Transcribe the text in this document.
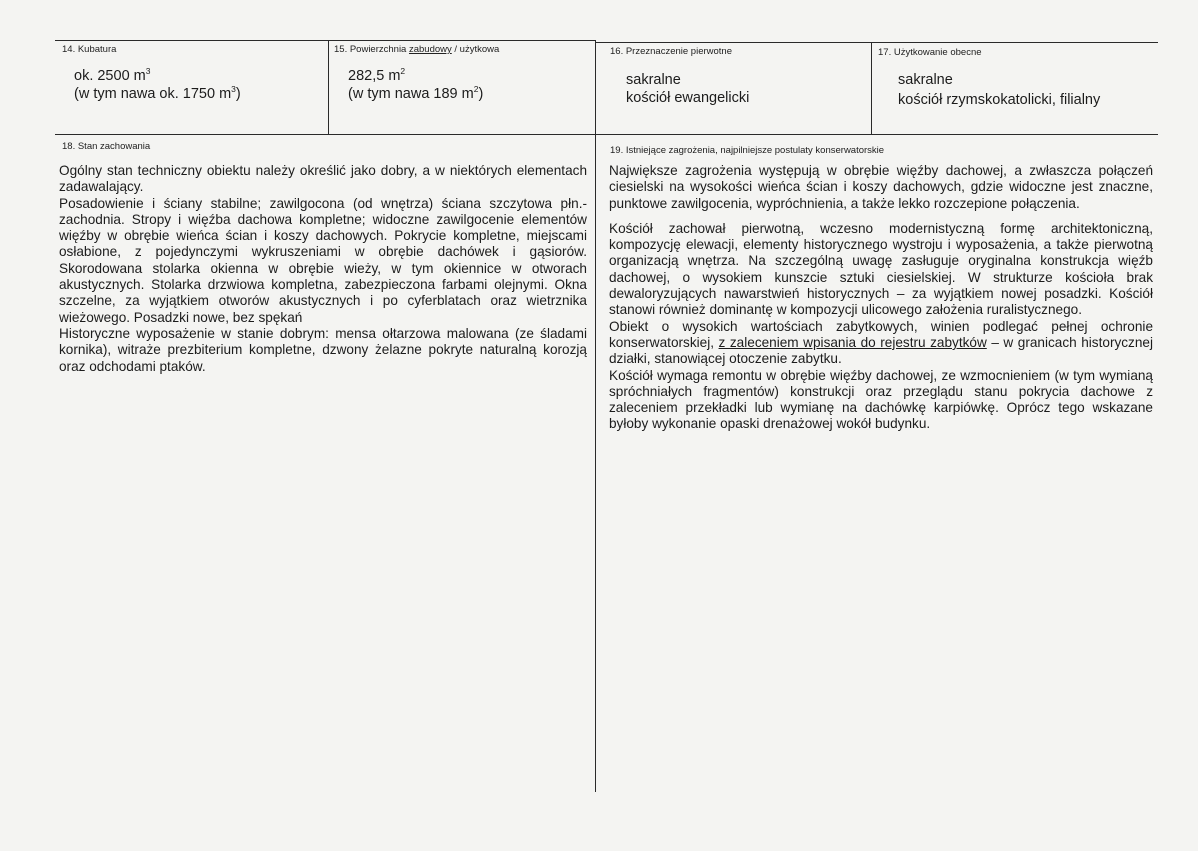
14. Kubatura
ok. 2500 $m^3$
(w tym nawa ok. 1750 $m^3$)
15. Powierzchnia zabudowy / użytkowa
282,5 $m^2$
(w tym nawa 189 $m^2$)
16. Przeznaczenie pierwotne
sakralne
kościół ewangelicki
17. Użytkowanie obecne
sakralne
kościół rzymskokatolicki, filialny
18. Stan zachowania

Ogólny stan techniczny obiektu należy określić jako dobry, a w niektórych elementach zadawalający.

Posadowienie i ściany stabilne; zawilgocona (od wnętrza) ściana szczytowa płn.-zachodnia. Stropy i więźba dachowa kompletne; widoczne zawilgocenie elementów więźby w obrębie wieńca ścian i koszy dachowych. Pokrycie kompletne, miejscami osłabione, z pojedynczymi wykruszeniami w obrębie dachówek i gąsiorów. Skorodowana stolarka okienna w obrębie wieży, w tym okiennice w otworach akustycznych. Stolarka drzwiowa kompletna, zabezpieczona farbami olejnymi. Okna szczelne, za wyjątkiem otworów akustycznych i po cyferblatach oraz wietrznika wieżowego. Posadzki nowe, bez spękań

Historyczne wyposażenie w stanie dobrym: mensa ołtarzowa malowana (ze śladami kornika), witraże prezbiterium kompletne, dzwony żelazne pokryte naturalną korozją oraz odchodami ptaków.

19. Istniejące zagrożenia, najpilniejsze postulaty konserwatorskie

Największe zagrożenia występują w obrębie więźby dachowej, a zwłaszcza połączeń ciesielski na wysokości wieńca ścian i koszy dachowych, gdzie widoczne jest znaczne, punktowe zawilgocenia, wypróchnienia, a także lekko rozczepione połączenia.

Kościół zachował pierwotną, wczesno modernistyczną formę architektoniczną, kompozycję elewacji, elementy historycznego wystroju i wyposażenia, a także pierwotną organizacją wnętrza. Na szczególną uwagę zasługuje oryginalna konstrukcja więźb dachowej, o wysokiem kunszcie sztuki ciesielskiej. W strukturze kościoła brak dewaloryzujących nawarstwień historycznych – za wyjątkiem nowej posadzki. Kościół stanowi również dominantę w kompozycji ulicowego założenia ruralistycznego.

Obiekt o wysokich wartościach zabytkowych, winien podlegać pełnej ochronie konserwatorskiej, z zaleceniem wpisania do rejestru zabytków – w granicach historycznej działki, stanowiącej otoczenie zabytku.

Kościół wymaga remontu w obrębie więźby dachowej, ze wzmocnieniem (w tym wymianą spróchniałych fragmentów) konstrukcji oraz przeglądu stanu pokrycia dachowe z zaleceniem przekładki lub wymianę na dachówkę karpiówkę. Oprócz tego wskazane byłoby wykonanie opaski drenażowej wokół budynku.
